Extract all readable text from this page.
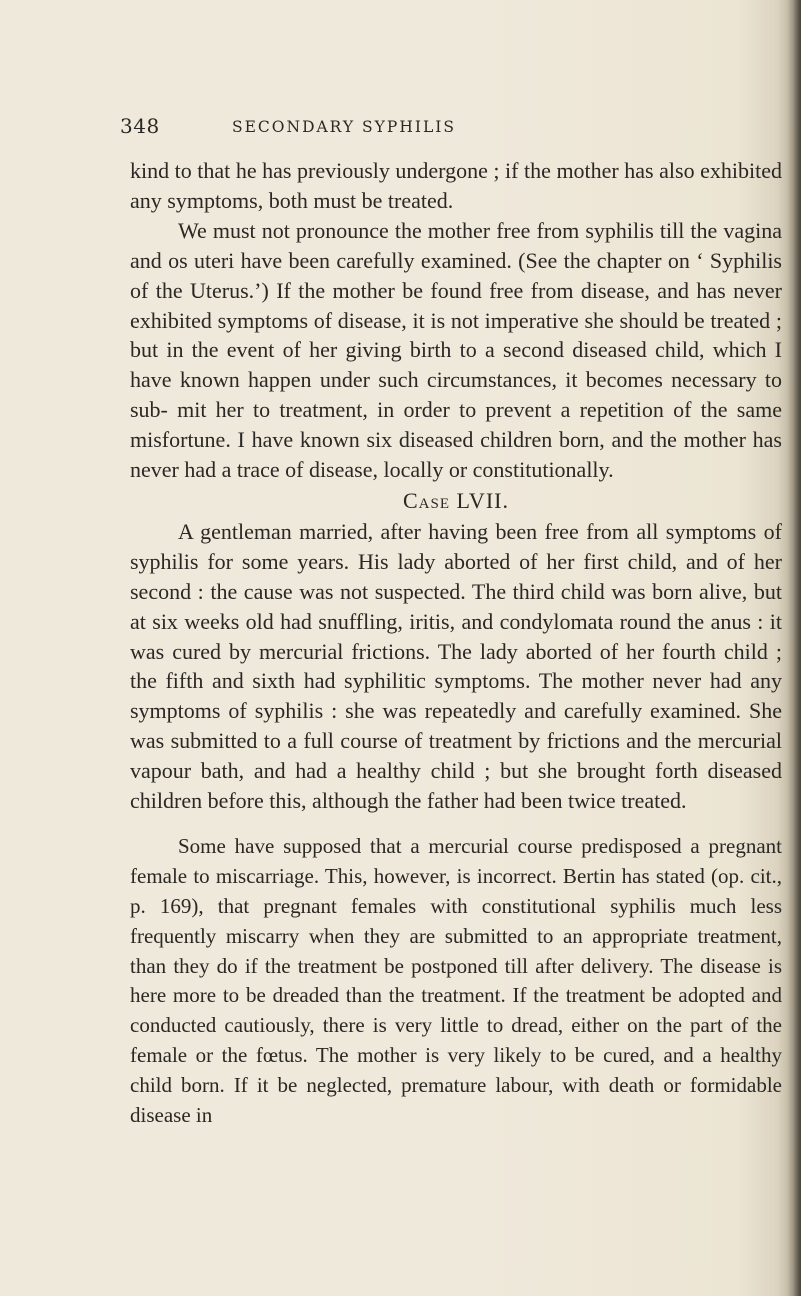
348	SECONDARY SYPHILIS

kind to that he has previously undergone ; if the mother has also exhibited any symptoms, both must be treated.

We must not pronounce the mother free from syphilis till the vagina and os uteri have been carefully examined. (See the chapter on ‘ Syphilis of the Uterus.’) If the mother be found free from disease, and has never exhibited symptoms of disease, it is not imperative she should be treated ; but in the event of her giving birth to a second diseased child, which I have known happen under such circumstances, it becomes necessary to sub- mit her to treatment, in order to prevent a repetition of the same misfortune. I have known six diseased children born, and the mother has never had a trace of disease, locally or constitutionally.

Case LVII.

A gentleman married, after having been free from all symptoms of syphilis for some years. His lady aborted of her first child, and of her second : the cause was not suspected. The third child was born alive, but at six weeks old had snuffling, iritis, and condylomata round the anus : it was cured by mercurial frictions. The lady aborted of her fourth child ; the fifth and sixth had syphilitic symptoms. The mother never had any symptoms of syphilis : she was repeatedly and carefully examined. She was submitted to a full course of treatment by frictions and the mercurial vapour bath, and had a healthy child ; but she brought forth diseased children before this, although the father had been twice treated.

Some have supposed that a mercurial course predisposed a pregnant female to miscarriage. This, however, is incorrect. Bertin has stated (op. cit., p. 169), that pregnant females with constitutional syphilis much less frequently miscarry when they are submitted to an appropriate treatment, than they do if the treatment be postponed till after delivery. The disease is here more to be dreaded than the treatment. If the treatment be adopted and conducted cautiously, there is very little to dread, either on the part of the female or the fœtus. The mother is very likely to be cured, and a healthy child born. If it be neglected, premature labour, with death or formidable disease in
